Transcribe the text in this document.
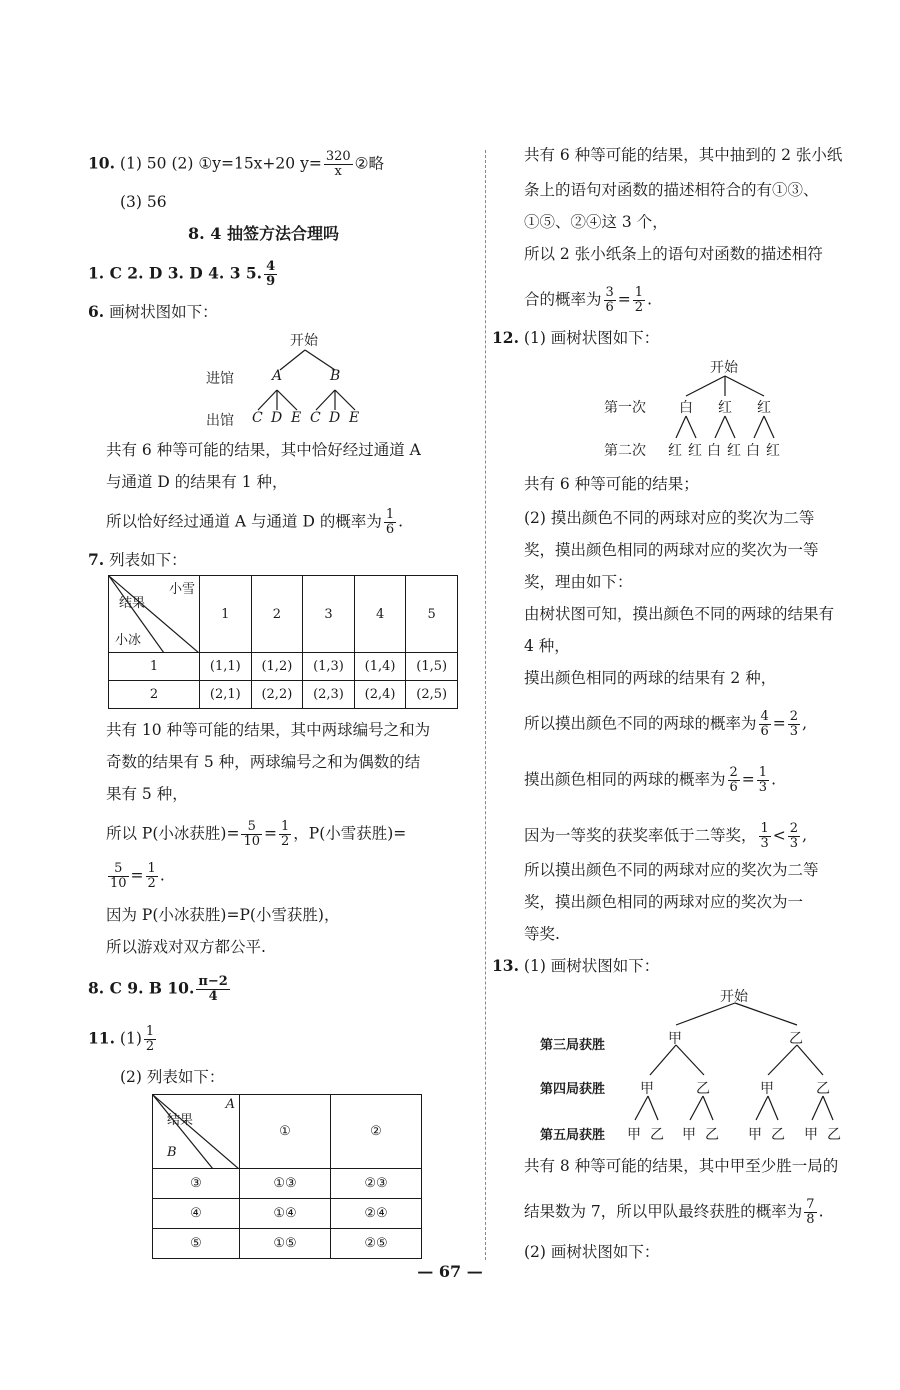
10. (1) 50 (2) ①y=15x+20 $y= \frac{320}{x}$ ②略
(3) 56
8. 4 抽签方法合理吗
1. C 2. D 3. D 4. 3 5. $\frac{4}{9}$
6. 画树状图如下：
开始
进馆	A	B
出馆 C D E C D E
共有 6 种等可能的结果，其中恰好经过通道 A
与通道 D 的结果有 1 种，
所以恰好经过通道 A 与通道 D 的概率为 $\frac{1}{6}$ .
7. 列表如下：
小雪
结果
小冰	1	2	3	4	5
1	(1,1)	(1,2)	(1,3)	(1,4)	(1,5)
2	(2,1)	(2,2)	(2,3)	(2,4)	(2,5)
共有 10 种等可能的结果，其中两球编号之和为
奇数的结果有 5 种，两球编号之和为偶数的结
果有 5 种，
所以 P(小冰获胜)= $\frac{5}{10} = \frac{1}{2}$ ，P(小雪获胜)=
$\frac{5}{10} = \frac{1}{2}$ .
因为 P(小冰获胜)=P(小雪获胜)，
所以游戏对双方都公平.
8. C 9. B 10. $\frac{\pi-2}{4}$
11. $(1) \frac{1}{2}$
(2) 列表如下：
A
结果
B	①	②
③	①③	②③
④	①④	②④
⑤	①⑤	②⑤
共有 6 种等可能的结果，其中抽到的 2 张小纸
条上的语句对函数的描述相符合的有①③、
①⑤、②④这 3 个，
所以 2 张小纸条上的语句对函数的描述相符
合的概率为 $\frac{3}{6} = \frac{1}{2}$ .
12. (1) 画树状图如下：
开始
第一次 白 红 红
第二次 红 红 白 红 白 红
共有 6 种等可能的结果；
(2) 摸出颜色不同的两球对应的奖次为二等
奖，摸出颜色相同的两球对应的奖次为一等
奖，理由如下：
由树状图可知，摸出颜色不同的两球的结果有
4 种，
摸出颜色相同的两球的结果有 2 种，
所以摸出颜色不同的两球的概率为 $\frac{4}{6} = \frac{2}{3}$ ,
摸出颜色相同的两球的概率为 $\frac{2}{6} = \frac{1}{3}$ .
因为一等奖的获奖率低于二等奖， $\frac{1}{3} < \frac{2}{3}$ ,
所以摸出颜色不同的两球对应的奖次为二等
奖，摸出颜色相同的两球对应的奖次为一
等奖.
13. (1) 画树状图如下：
开始
第三局获胜	甲	乙
第四局获胜 甲	乙	甲	乙
第五局获胜 甲 乙 甲 乙 甲 乙 甲 乙
共有 8 种等可能的结果，其中甲至少胜一局的
结果数为 7，所以甲队最终获胜的概率为 $\frac{7}{8}$ .
(2) 画树状图如下：
— 67 —
